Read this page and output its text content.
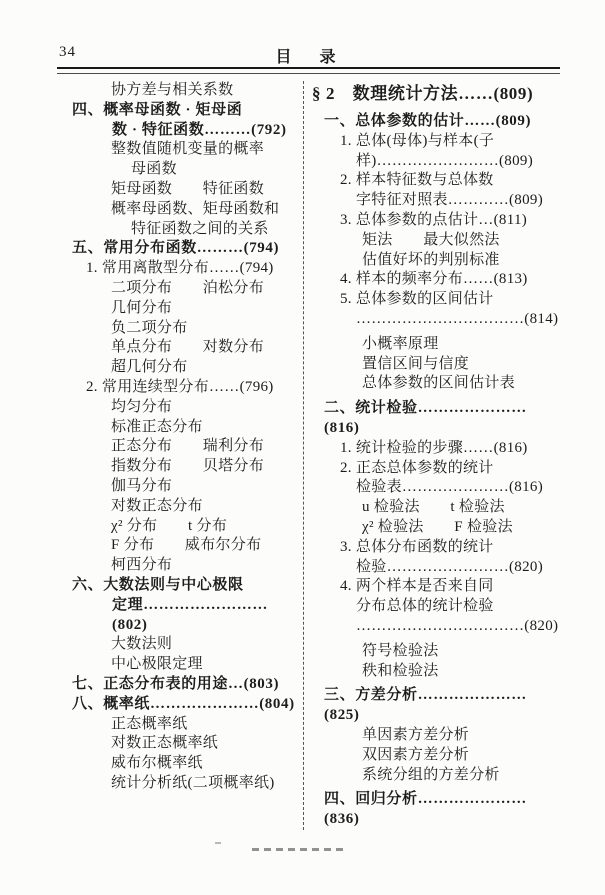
34	目　录
协方差与相关系数
四、概率母函数 · 矩母函
数 · 特征函数………(792)
整数值随机变量的概率
母函数
矩母函数　　特征函数
概率母函数、矩母函数和
特征函数之间的关系
五、常用分布函数………(794)
1. 常用离散型分布……(794)
二项分布　　泊松分布
几何分布
负二项分布
单点分布　　对数分布
超几何分布
2. 常用连续型分布……(796)
均匀分布
标准正态分布
正态分布　　瑞利分布
指数分布　　贝塔分布
伽马分布
对数正态分布
χ² 分布　　t 分布
F 分布　　威布尔分布
柯西分布
六、大数法则与中心极限
定理……………………(802)
大数法则
中心极限定理
七、正态分布表的用途…(803)
八、概率纸…………………(804)
正态概率纸
对数正态概率纸
威布尔概率纸
统计分析纸(二项概率纸)
§ 2　数理统计方法……(809)
一、总体参数的估计……(809)
1. 总体(母体)与样本(子
样)……………………(809)
2. 样本特征数与总体数
字特征对照表…………(809)
3. 总体参数的点估计…(811)
矩法　　最大似然法
估值好坏的判别标准
4. 样本的频率分布……(813)
5. 总体参数的区间估计
……………………………(814)
小概率原理
置信区间与信度
总体参数的区间估计表
二、统计检验…………………(816)
1. 统计检验的步骤……(816)
2. 正态总体参数的统计
检验表…………………(816)
u 检验法　　t 检验法
χ² 检验法　　F 检验法
3. 总体分布函数的统计
检验……………………(820)
4. 两个样本是否来自同
分布总体的统计检验
……………………………(820)
符号检验法
秩和检验法
三、方差分析…………………(825)
单因素方差分析
双因素方差分析
系统分组的方差分析
四、回归分析…………………(836)
